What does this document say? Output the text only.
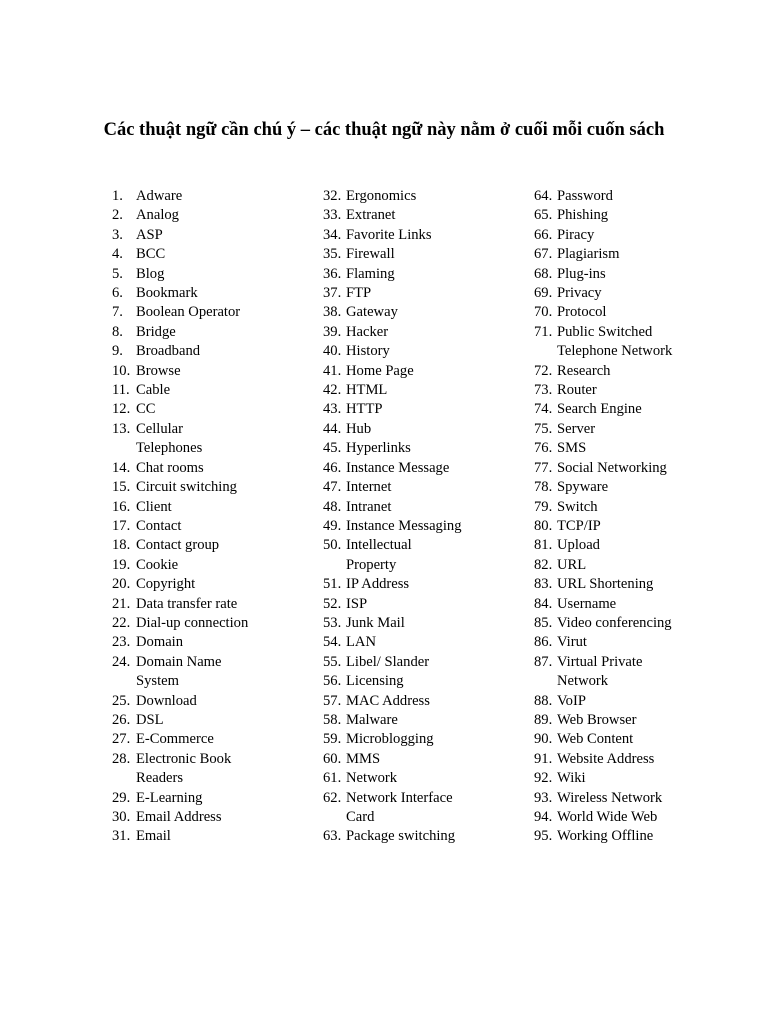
Các thuật ngữ cần chú ý – các thuật ngữ này nằm ở cuối mỗi cuốn sách
1. Adware
2. Analog
3. ASP
4. BCC
5. Blog
6. Bookmark
7. Boolean Operator
8. Bridge
9. Broadband
10. Browse
11. Cable
12. CC
13. Cellular
Telephones
14. Chat rooms
15. Circuit switching
16. Client
17. Contact
18. Contact group
19. Cookie
20. Copyright
21. Data transfer rate
22. Dial-up connection
23. Domain
24. Domain Name
System
25. Download
26. DSL
27. E-Commerce
28. Electronic Book
Readers
29. E-Learning
30. Email Address
31. Email
32. Ergonomics
33. Extranet
34. Favorite Links
35. Firewall
36. Flaming
37. FTP
38. Gateway
39. Hacker
40. History
41. Home Page
42. HTML
43. HTTP
44. Hub
45. Hyperlinks
46. Instance Message
47. Internet
48. Intranet
49. Instance Messaging
50. Intellectual
Property
51. IP Address
52. ISP
53. Junk Mail
54. LAN
55. Libel/ Slander
56. Licensing
57. MAC Address
58. Malware
59. Microblogging
60. MMS
61. Network
62. Network Interface
Card
63. Package switching
64. Password
65. Phishing
66. Piracy
67. Plagiarism
68. Plug-ins
69. Privacy
70. Protocol
71. Public Switched
Telephone Network
72. Research
73. Router
74. Search Engine
75. Server
76. SMS
77. Social Networking
78. Spyware
79. Switch
80. TCP/IP
81. Upload
82. URL
83. URL Shortening
84. Username
85. Video conferencing
86. Virut
87. Virtual Private
Network
88. VoIP
89. Web Browser
90. Web Content
91. Website Address
92. Wiki
93. Wireless Network
94. World Wide Web
95. Working Offline
